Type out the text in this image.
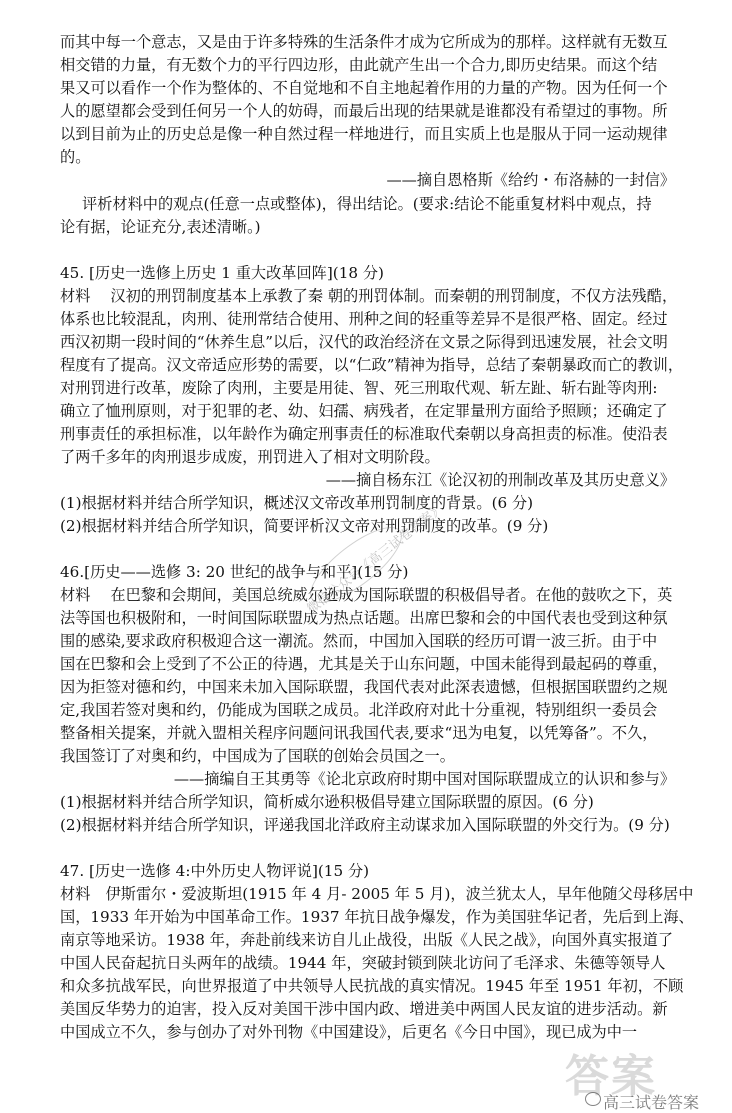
而其中每一个意志，又是由于许多特殊的生活条件才成为它所成为的那样。这样就有无数互
相交错的力量，有无数个力的平行四边形，由此就产生出一个合力,即历史结果。而这个结
果又可以看作一个作为整体的、不自觉地和不自主地起着作用的力量的产物。因为任何一个
人的愿望都会受到任何另一个人的妨碍，而最后出现的结果就是谁都没有希望过的事物。所
以到目前为止的历史总是像一种自然过程一样地进行，而且实质上也是服从于同一运动规律
的。
——摘自恩格斯《给约・布洛赫的一封信》
评析材料中的观点(任意一点或整体)，得出结论。(要求:结论不能重复材料中观点，持
论有据，论证充分,表述清晰。)
45. [历史一选修上历史 1 重大改革回阵](18 分)
材料　 汉初的刑罚制度基本上承教了秦 朝的刑罚体制。而秦朝的刑罚制度，不仅方法残酷，
体系也比较混乱，肉刑、徒刑常结合使用、刑种之间的轻重等差异不是很严格、固定。经过
西汉初期一段时间的“休养生息”以后，汉代的政治经济在文景之际得到迅速发展，社会文明
程度有了提高。汉文帝适应形势的需要，以“仁政”精神为指导，总结了秦朝暴政而亡的教训，
对刑罚进行改革，废除了肉刑，主要是用徒、智、死三刑取代观、斩左趾、斩右趾等肉刑:
确立了恤刑原则，对于犯罪的老、幼、妇孺、病残者，在定罪量刑方面给予照顾；还确定了
刑事责任的承担标准，以年龄作为确定刑事责任的标准取代秦朝以身高担责的标准。使沿表
了两千多年的肉刑退步成废，刑罚进入了相对文明阶段。
——摘自杨东江《论汉初的刑制改革及其历史意义》
(1)根据材料并结合所学知识，概述汉文帝改革刑罚制度的背景。(6 分)
(2)根据材料并结合所学知识，简要评析汉文帝对刑罚制度的改革。(9 分)
46.[历史——选修 3: 20 世纪的战争与和平](15 分)
材料　 在巴黎和会期间，美国总统威尔逊成为国际联盟的积极倡导者。在他的鼓吹之下，英
法等国也积极附和，一时间国际联盟成为热点话题。出席巴黎和会的中国代表也受到这种氛
围的感染,要求政府积极迎合这一潮流。然而，中国加入国联的经历可谓一波三折。由于中
国在巴黎和会上受到了不公正的待遇，尤其是关于山东问题，中国未能得到最起码的尊重，
因为拒签对德和约，中国来未加入国际联盟，我国代表对此深表遗憾，但根据国联盟约之规
定,我国若签对奥和约，仍能成为国联之成员。北洋政府对此十分重视，特别组织一委员会
整备相关提案，并就入盟相关程序问题问讯我国代表,要求“迅为电复，以凭筹备”。不久，
我国签订了对奥和约，中国成为了国联的创始会员国之一。
——摘编自王其勇等《论北京政府时期中国对国际联盟成立的认识和参与》
(1)根据材料并结合所学知识，简析威尔逊积极倡导建立国际联盟的原因。(6 分)
(2)根据材料并结合所学知识，评递我国北洋政府主动谋求加入国际联盟的外交行为。(9 分)
47. [历史一选修 4:中外历史人物评说](15 分)
材料　伊斯雷尔・爱波斯坦(1915 年 4 月- 2005 年 5 月)，波兰犹太人，早年他随父母移居中
国，1933 年开始为中国革命工作。1937 年抗日战争爆发，作为美国驻华记者，先后到上海、
南京等地采访。1938 年，奔赴前线来访自儿止战役，出版《人民之战》，向国外真实报道了
中国人民奋起抗日头两年的战绩。1944 年，突破封锁到陕北访问了毛泽求、朱德等领导人
和众多抗战军民，向世界报道了中共领导人民抗战的真实情况。1945 年至 1951 年初，不顾
美国反华势力的迫害，投入反对美国干涉中国内政、增进美中两国人民友谊的进步活动。新
中国成立不久，参与创办了对外刊物《中国建设》，后更名《今日中国》，现已成为中一
微信公众号《高三试卷答案》
答案
高三试卷答案
